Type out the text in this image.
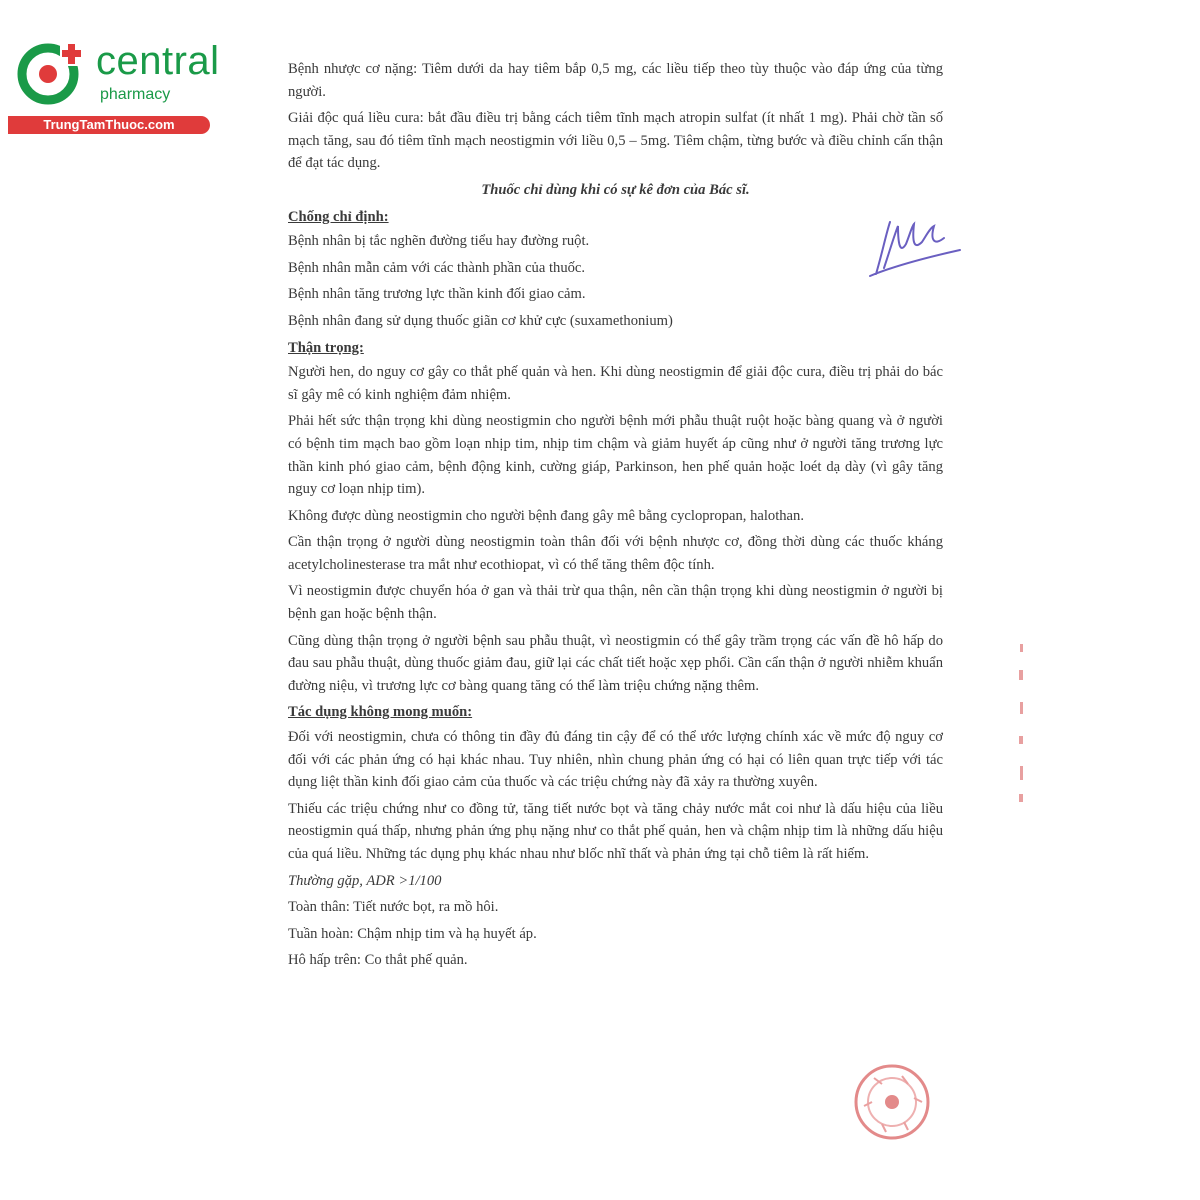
central
pharmacy
TrungTamThuoc.com

Bệnh nhược cơ nặng: Tiêm dưới da hay tiêm bắp 0,5 mg, các liều tiếp theo tùy thuộc vào đáp ứng của từng người.

Giải độc quá liều cura: bắt đầu điều trị bằng cách tiêm tĩnh mạch atropin sulfat (ít nhất 1 mg). Phải chờ tần số mạch tăng, sau đó tiêm tĩnh mạch neostigmin với liều 0,5 – 5mg. Tiêm chậm, từng bước và điều chỉnh cẩn thận để đạt tác dụng.

Thuốc chỉ dùng khi có sự kê đơn của Bác sĩ.

Chống chỉ định:

Bệnh nhân bị tắc nghẽn đường tiểu hay đường ruột.

Bệnh nhân mẫn cảm với các thành phần của thuốc.

Bệnh nhân tăng trương lực thần kinh đối giao cảm.

Bệnh nhân đang sử dụng thuốc giãn cơ khử cực (suxamethonium)

Thận trọng:

Người hen, do nguy cơ gây co thắt phế quản và hen. Khi dùng neostigmin để giải độc cura, điều trị phải do bác sĩ gây mê có kinh nghiệm đảm nhiệm.

Phải hết sức thận trọng khi dùng neostigmin cho người bệnh mới phẫu thuật ruột hoặc bàng quang và ở người có bệnh tim mạch bao gồm loạn nhịp tim, nhịp tim chậm và giảm huyết áp cũng như ở người tăng trương lực thần kinh phó giao cảm, bệnh động kinh, cường giáp, Parkinson, hen phế quản hoặc loét dạ dày (vì gây tăng nguy cơ loạn nhịp tim).

Không được dùng neostigmin cho người bệnh đang gây mê bằng cyclopropan, halothan.

Cần thận trọng ở người dùng neostigmin toàn thân đối với bệnh nhược cơ, đồng thời dùng các thuốc kháng acetylcholinesterase tra mắt như ecothiopat, vì có thể tăng thêm độc tính.

Vì neostigmin được chuyển hóa ở gan và thải trừ qua thận, nên cần thận trọng khi dùng neostigmin ở người bị bệnh gan hoặc bệnh thận.

Cũng dùng thận trọng ở người bệnh sau phẫu thuật, vì neostigmin có thể gây trầm trọng các vấn đề hô hấp do đau sau phẫu thuật, dùng thuốc giảm đau, giữ lại các chất tiết hoặc xẹp phổi. Cần cẩn thận ở người nhiễm khuẩn đường niệu, vì trương lực cơ bàng quang tăng có thể làm triệu chứng nặng thêm.

Tác dụng không mong muốn:

Đối với neostigmin, chưa có thông tin đầy đủ đáng tin cậy để có thể ước lượng chính xác về mức độ nguy cơ đối với các phản ứng có hại khác nhau. Tuy nhiên, nhìn chung phản ứng có hại có liên quan trực tiếp với tác dụng liệt thần kinh đối giao cảm của thuốc và các triệu chứng này đã xảy ra thường xuyên.

Thiếu các triệu chứng như co đồng tử, tăng tiết nước bọt và tăng chảy nước mắt coi như là dấu hiệu của liều neostigmin quá thấp, nhưng phản ứng phụ nặng như co thắt phế quản, hen và chậm nhịp tim là những dấu hiệu của quá liều. Những tác dụng phụ khác nhau như blốc nhĩ thất và phản ứng tại chỗ tiêm là rất hiếm.

Thường gặp, ADR >1/100

Toàn thân: Tiết nước bọt, ra mồ hôi.

Tuần hoàn: Chậm nhịp tim và hạ huyết áp.

Hô hấp trên: Co thắt phế quản.
